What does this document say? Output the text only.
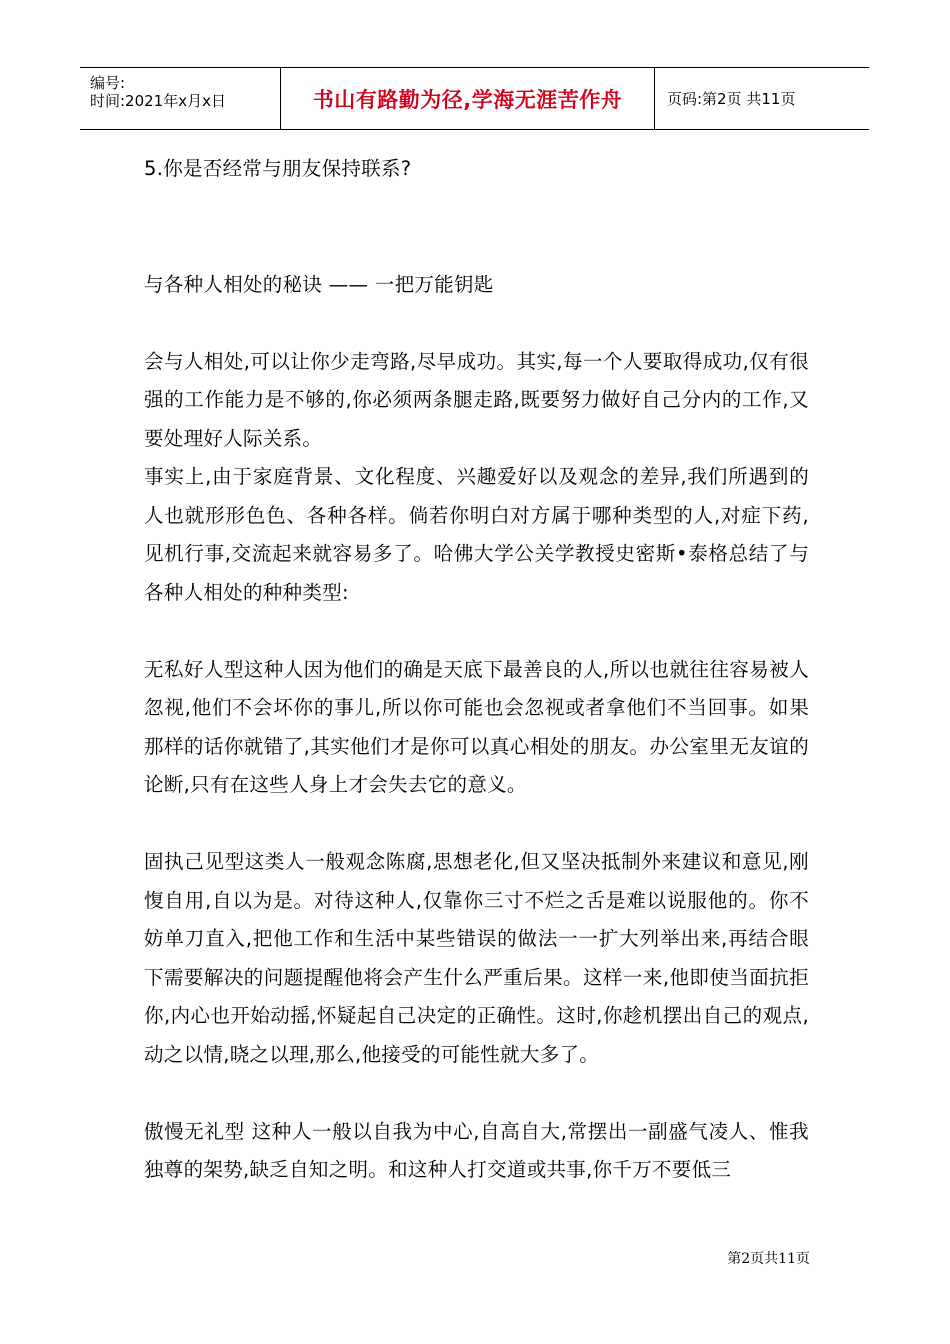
编号:
时间:2021年x月x日	书山有路勤为径,学海无涯苦作舟	页码:第2页 共11页

5.你是否经常与朋友保持联系?

与各种人相处的秘诀 —— 一把万能钥匙

会与人相处,可以让你少走弯路,尽早成功。其实,每一个人要取得成功,仅有很强的工作能力是不够的,你必须两条腿走路,既要努力做好自己分内的工作,又要处理好人际关系。

事实上,由于家庭背景、文化程度、兴趣爱好以及观念的差异,我们所遇到的人也就形形色色、各种各样。倘若你明白对方属于哪种类型的人,对症下药,见机行事,交流起来就容易多了。哈佛大学公关学教授史密斯•泰格总结了与各种人相处的种种类型:

无私好人型这种人因为他们的确是天底下最善良的人,所以也就往往容易被人忽视,他们不会坏你的事儿,所以你可能也会忽视或者拿他们不当回事。如果那样的话你就错了,其实他们才是你可以真心相处的朋友。办公室里无友谊的论断,只有在这些人身上才会失去它的意义。

固执己见型这类人一般观念陈腐,思想老化,但又坚决抵制外来建议和意见,刚愎自用,自以为是。对待这种人,仅靠你三寸不烂之舌是难以说服他的。你不妨单刀直入,把他工作和生活中某些错误的做法一一扩大列举出来,再结合眼下需要解决的问题提醒他将会产生什么严重后果。这样一来,他即使当面抗拒你,内心也开始动摇,怀疑起自己决定的正确性。这时,你趁机摆出自己的观点,动之以情,晓之以理,那么,他接受的可能性就大多了。

傲慢无礼型 这种人一般以自我为中心,自高自大,常摆出一副盛气凌人、惟我独尊的架势,缺乏自知之明。和这种人打交道或共事,你千万不要低三

第2页共11页
